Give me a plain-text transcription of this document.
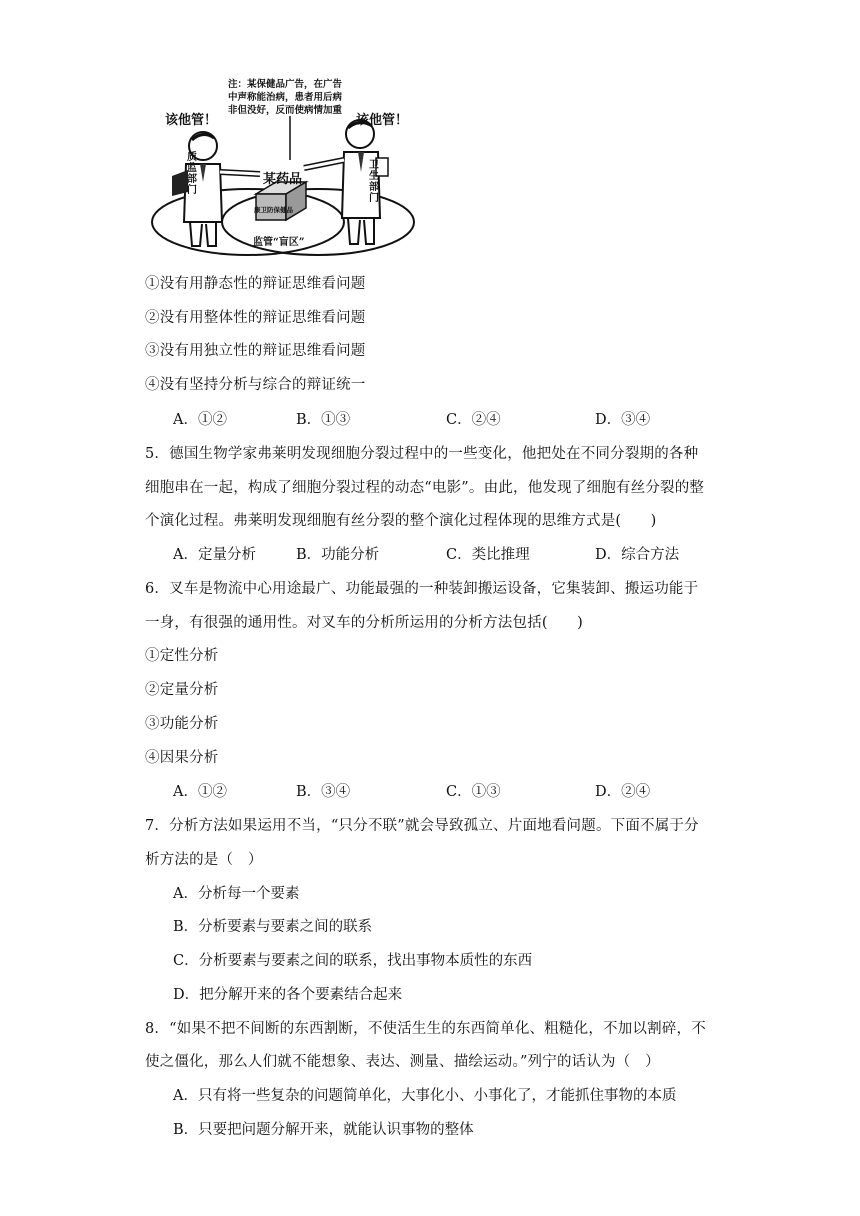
注：某保健品广告，在广告
中声称能治病，患者用后病
非但没好，反而使病情加重
该他管！	该他管！
质监部门
卫生部门
某药品
康卫防保健品
监管“盲区”
①没有用静态性的辩证思维看问题
②没有用整体性的辩证思维看问题
③没有用独立性的辩证思维看问题
④没有坚持分析与综合的辩证统一
A．①②	B．①③	C．②④	D．③④
5．德国生物学家弗莱明发现细胞分裂过程中的一些变化，他把处在不同分裂期的各种
细胞串在一起，构成了细胞分裂过程的动态“电影”。由此，他发现了细胞有丝分裂的整
个演化过程。弗莱明发现细胞有丝分裂的整个演化过程体现的思维方式是(　　)
A．定量分析	B．功能分析	C．类比推理	D．综合方法
6．叉车是物流中心用途最广、功能最强的一种装卸搬运设备，它集装卸、搬运功能于
一身，有很强的通用性。对叉车的分析所运用的分析方法包括(　　)
①定性分析
②定量分析
③功能分析
④因果分析
A．①②	B．③④	C．①③	D．②④
7．分析方法如果运用不当，“只分不联”就会导致孤立、片面地看问题。下面不属于分
析方法的是（　）
A．分析每一个要素
B．分析要素与要素之间的联系
C．分析要素与要素之间的联系，找出事物本质性的东西
D．把分解开来的各个要素结合起来
8．“如果不把不间断的东西割断，不使活生生的东西简单化、粗糙化，不加以割碎，不
使之僵化，那么人们就不能想象、表达、测量、描绘运动。”列宁的话认为（　）
A．只有将一些复杂的问题简单化，大事化小、小事化了，才能抓住事物的本质
B．只要把问题分解开来，就能认识事物的整体
